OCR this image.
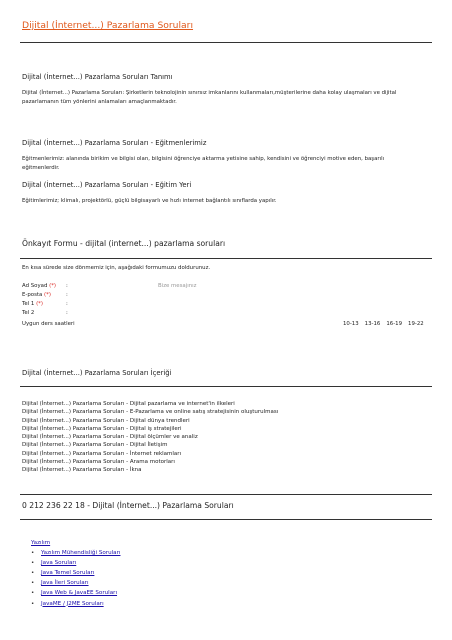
Dijital (İnternet...) Pazarlama Soruları
Dijital (İnternet...) Pazarlama Soruları Tanımı
Dijital (İnternet...) Pazarlama Soruları: Şirketlerin teknolojinin sınırsız imkanlarını kullanmaları,müşterilerine daha kolay ulaşmaları ve dijital pazarlamanın tüm yönlerini anlamaları amaçlanmaktadır.
Dijital (İnternet...) Pazarlama Soruları - Eğitmenlerimiz
Eğitmenlerimiz: alanında birikim ve bilgisi olan, bilgisini öğrenciye aktarma yetisine sahip, kendisini ve öğrenciyi motive eden, başarılı eğitmenlerdir.
Dijital (İnternet...) Pazarlama Soruları - Eğitim Yeri
Eğitimlerimiz; klimalı, projektörlü, güçlü bilgisayarlı ve hızlı internet bağlantılı sınıflarda yapılır.
Önkayıt Formu - dijital (internet...) pazarlama soruları
En kısa sürede size dönmemiz için, aşağıdaki formumuzu doldurunuz.
Ad Soyad (*) :
E-posta (*)	:
Tel 1 (*)	:
Tel 2	:
Bize mesajınız
Uygun ders saatleri	10-13 13-16 16-19 19-22
Dijital (İnternet...) Pazarlama Soruları İçeriği
Dijital (İnternet...) Pazarlama Soruları - Dijital pazarlama ve internet'in ilkeleri
Dijital (İnternet...) Pazarlama Soruları - E-Pazarlama ve online satış stratejisinin oluşturulması
Dijital (İnternet...) Pazarlama Soruları - Dijital dünya trendleri
Dijital (İnternet...) Pazarlama Soruları - Dijital iş stratejileri
Dijital (İnternet...) Pazarlama Soruları - Dijital ölçümler ve analiz
Dijital (İnternet...) Pazarlama Soruları - Dijital İletişim
Dijital (İnternet...) Pazarlama Soruları - İnternet reklamları
Dijital (İnternet...) Pazarlama Soruları - Arama motorları
Dijital (İnternet...) Pazarlama Soruları - İkna
0 212 236 22 18 - Dijital (İnternet...) Pazarlama Soruları
Yazılım
• Yazılım Mühendisliği Soruları
• Java Soruları
• Java Temel Soruları
• Java İleri Soruları
• Java Web & JavaEE Soruları
• JavaME / J2ME Soruları
